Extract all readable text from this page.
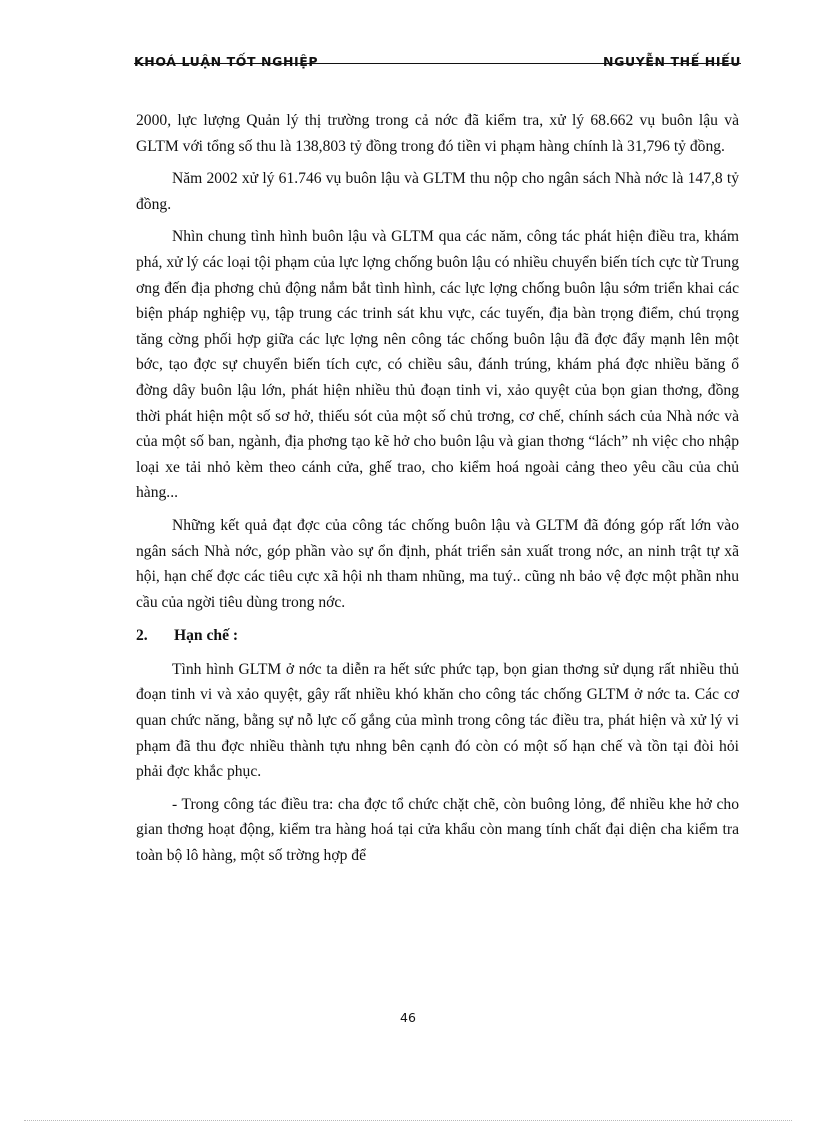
KHOÁ LUẬN TỐT NGHIỆP	NGUYỄN THẾ HIẾU

2000, lực lượng Quản lý thị trường trong cả nớc đã kiểm tra, xử lý 68.662 vụ buôn lậu và GLTM với tổng số thu là 138,803 tỷ đồng trong đó tiền vi phạm hàng chính là 31,796 tỷ đồng.

Năm 2002 xử lý 61.746 vụ buôn lậu và GLTM thu nộp cho ngân sách Nhà nớc là 147,8 tỷ đồng.

Nhìn chung tình hình buôn lậu và GLTM qua các năm, công tác phát hiện điều tra, khám phá, xử lý các loại tội phạm của lực lợng chống buôn lậu có nhiều chuyển biến tích cực từ Trung ơng đến địa phơng chủ động nắm bắt tình hình, các lực lợng chống buôn lậu sớm triển khai các biện pháp nghiệp vụ, tập trung các trinh sát khu vực, các tuyến, địa bàn trọng điểm, chú trọng tăng cờng phối hợp giữa các lực lợng nên công tác chống buôn lậu đã đợc đẩy mạnh lên một bớc, tạo đợc sự chuyển biến tích cực, có chiều sâu, đánh trúng, khám phá đợc nhiều băng ổ đờng dây buôn lậu lớn, phát hiện nhiều thủ đoạn tinh vi, xảo quyệt của bọn gian thơng, đồng thời phát hiện một số sơ hở, thiếu sót của một số chủ trơng, cơ chế, chính sách của Nhà nớc và của một số ban, ngành, địa phơng tạo kẽ hở cho buôn lậu và gian thơng “lách” nh việc cho nhập loại xe tải nhỏ kèm theo cánh cửa, ghế trao, cho kiểm hoá ngoài cảng theo yêu cầu của chủ hàng...

Những kết quả đạt đợc của công tác chống buôn lậu và GLTM đã đóng góp rất lớn vào ngân sách Nhà nớc, góp phần vào sự ổn định, phát triển sản xuất trong nớc, an ninh trật tự xã hội, hạn chế đợc các tiêu cực xã hội nh tham nhũng, ma tuý.. cũng nh bảo vệ đợc một phần nhu cầu của ngời tiêu dùng trong nớc.

2.	Hạn chế :

Tình hình GLTM ở nớc ta diễn ra hết sức phức tạp, bọn gian thơng sử dụng rất nhiều thủ đoạn tinh vi và xảo quyệt, gây rất nhiều khó khăn cho công tác chống GLTM ở nớc ta. Các cơ quan chức năng, bằng sự nỗ lực cố gắng của mình trong công tác điều tra, phát hiện và xử lý vi phạm đã thu đợc nhiều thành tựu nhng bên cạnh đó còn có một số hạn chế và tồn tại đòi hỏi phải đợc khắc phục.

- Trong công tác điều tra: cha đợc tổ chức chặt chẽ, còn buông lỏng, để nhiều khe hở cho gian thơng hoạt động, kiểm tra hàng hoá tại cửa khẩu còn mang tính chất đại diện cha kiểm tra toàn bộ lô hàng, một số trờng hợp để

46
